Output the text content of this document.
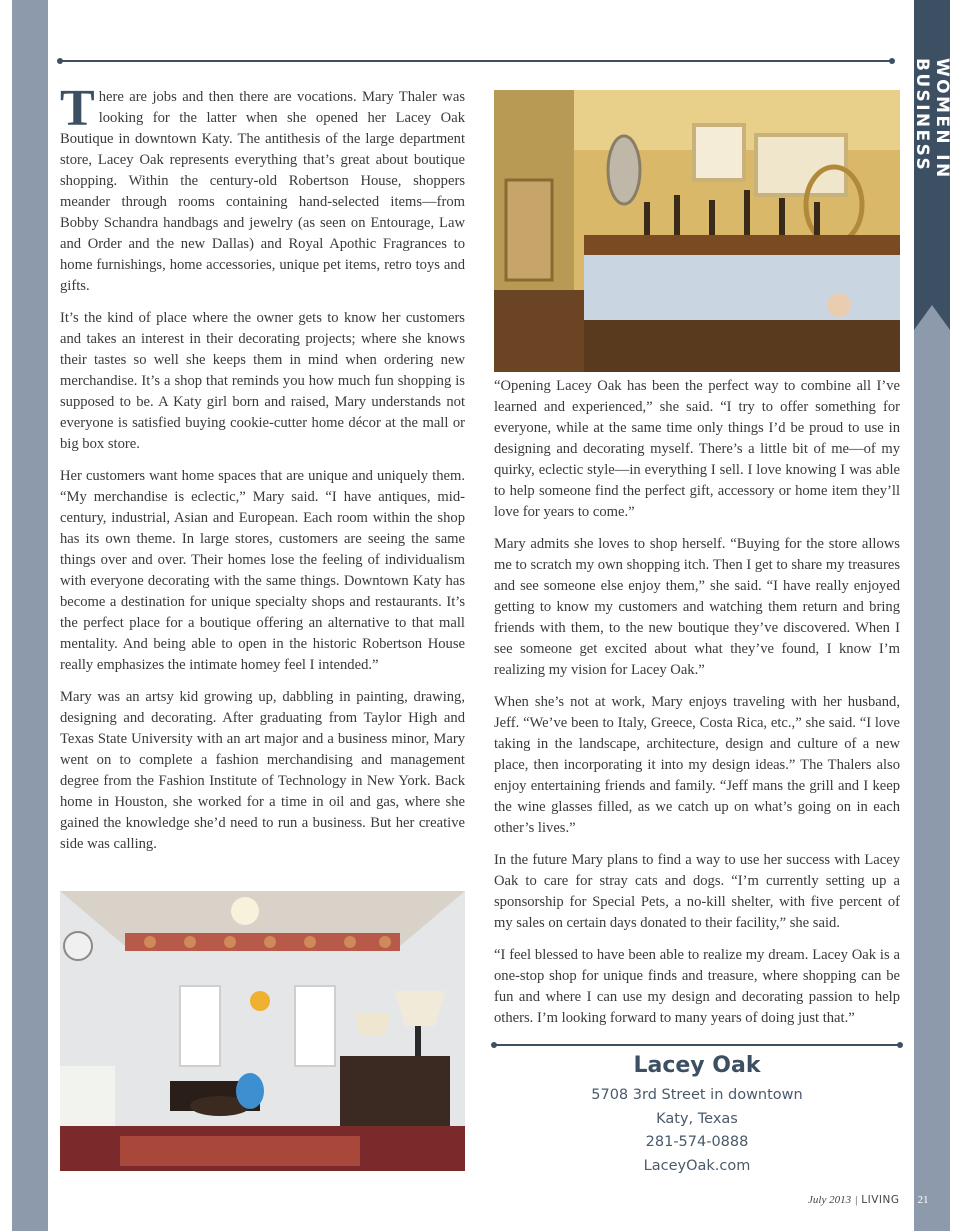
WOMEN IN BUSINESS

There are jobs and then there are vocations. Mary Thaler was looking for the latter when she opened her Lacey Oak Boutique in downtown Katy. The antithesis of the large department store, Lacey Oak represents everything that’s great about boutique shopping. Within the century-old Robertson House, shoppers meander through rooms containing hand-selected items—from Bobby Schandra handbags and jewelry (as seen on Entourage, Law and Order and the new Dallas) and Royal Apothic Fragrances to home furnishings, home accessories, unique pet items, retro toys and gifts.

It’s the kind of place where the owner gets to know her customers and takes an interest in their decorating projects; where she knows their tastes so well she keeps them in mind when ordering new merchandise. It’s a shop that reminds you how much fun shopping is supposed to be. A Katy girl born and raised, Mary understands not everyone is satisfied buying cookie-cutter home décor at the mall or big box store.

Her customers want home spaces that are unique and uniquely them. “My merchandise is eclectic,” Mary said. “I have antiques, mid-century, industrial, Asian and European. Each room within the shop has its own theme. In large stores, customers are seeing the same things over and over. Their homes lose the feeling of individualism with everyone decorating with the same things. Downtown Katy has become a destination for unique specialty shops and restaurants. It’s the perfect place for a boutique offering an alternative to that mall mentality. And being able to open in the historic Robertson House really emphasizes the intimate homey feel I intended.”

Mary was an artsy kid growing up, dabbling in painting, drawing, designing and decorating. After graduating from Taylor High and Texas State University with an art major and a business minor, Mary went on to complete a fashion merchandising and management degree from the Fashion Institute of Technology in New York. Back home in Houston, she worked for a time in oil and gas, where she gained the knowledge she’d need to run a business. But her creative side was calling.

“Opening Lacey Oak has been the perfect way to combine all I’ve learned and experienced,” she said. “I try to offer something for everyone, while at the same time only things I’d be proud to use in designing and decorating myself. There’s a little bit of me—of my quirky, eclectic style—in everything I sell. I love knowing I was able to help someone find the perfect gift, accessory or home item they’ll love for years to come.”

Mary admits she loves to shop herself. “Buying for the store allows me to scratch my own shopping itch. Then I get to share my treasures and see someone else enjoy them,” she said. “I have really enjoyed getting to know my customers and watching them return and bring friends with them, to the new boutique they’ve discovered. When I see someone get excited about what they’ve found, I know I’m realizing my vision for Lacey Oak.”

When she’s not at work, Mary enjoys traveling with her husband, Jeff. “We’ve been to Italy, Greece, Costa Rica, etc.,” she said. “I love taking in the landscape, architecture, design and culture of a new place, then incorporating it into my design ideas.” The Thalers also enjoy entertaining friends and family. “Jeff mans the grill and I keep the wine glasses filled, as we catch up on what’s going on in each other’s lives.”

In the future Mary plans to find a way to use her success with Lacey Oak to care for stray cats and dogs. “I’m currently setting up a sponsorship for Special Pets, a no-kill shelter, with five percent of my sales on certain days donated to their facility,” she said.

“I feel blessed to have been able to realize my dream. Lacey Oak is a one-stop shop for unique finds and treasure, where shopping can be fun and where I can use my design and decorating passion to help others. I’m looking forward to many years of doing just that.”

Lacey Oak
5708 3rd Street in downtown
Katy, Texas
281-574-0888
LaceyOak.com
July 2013 | LIVING	21
